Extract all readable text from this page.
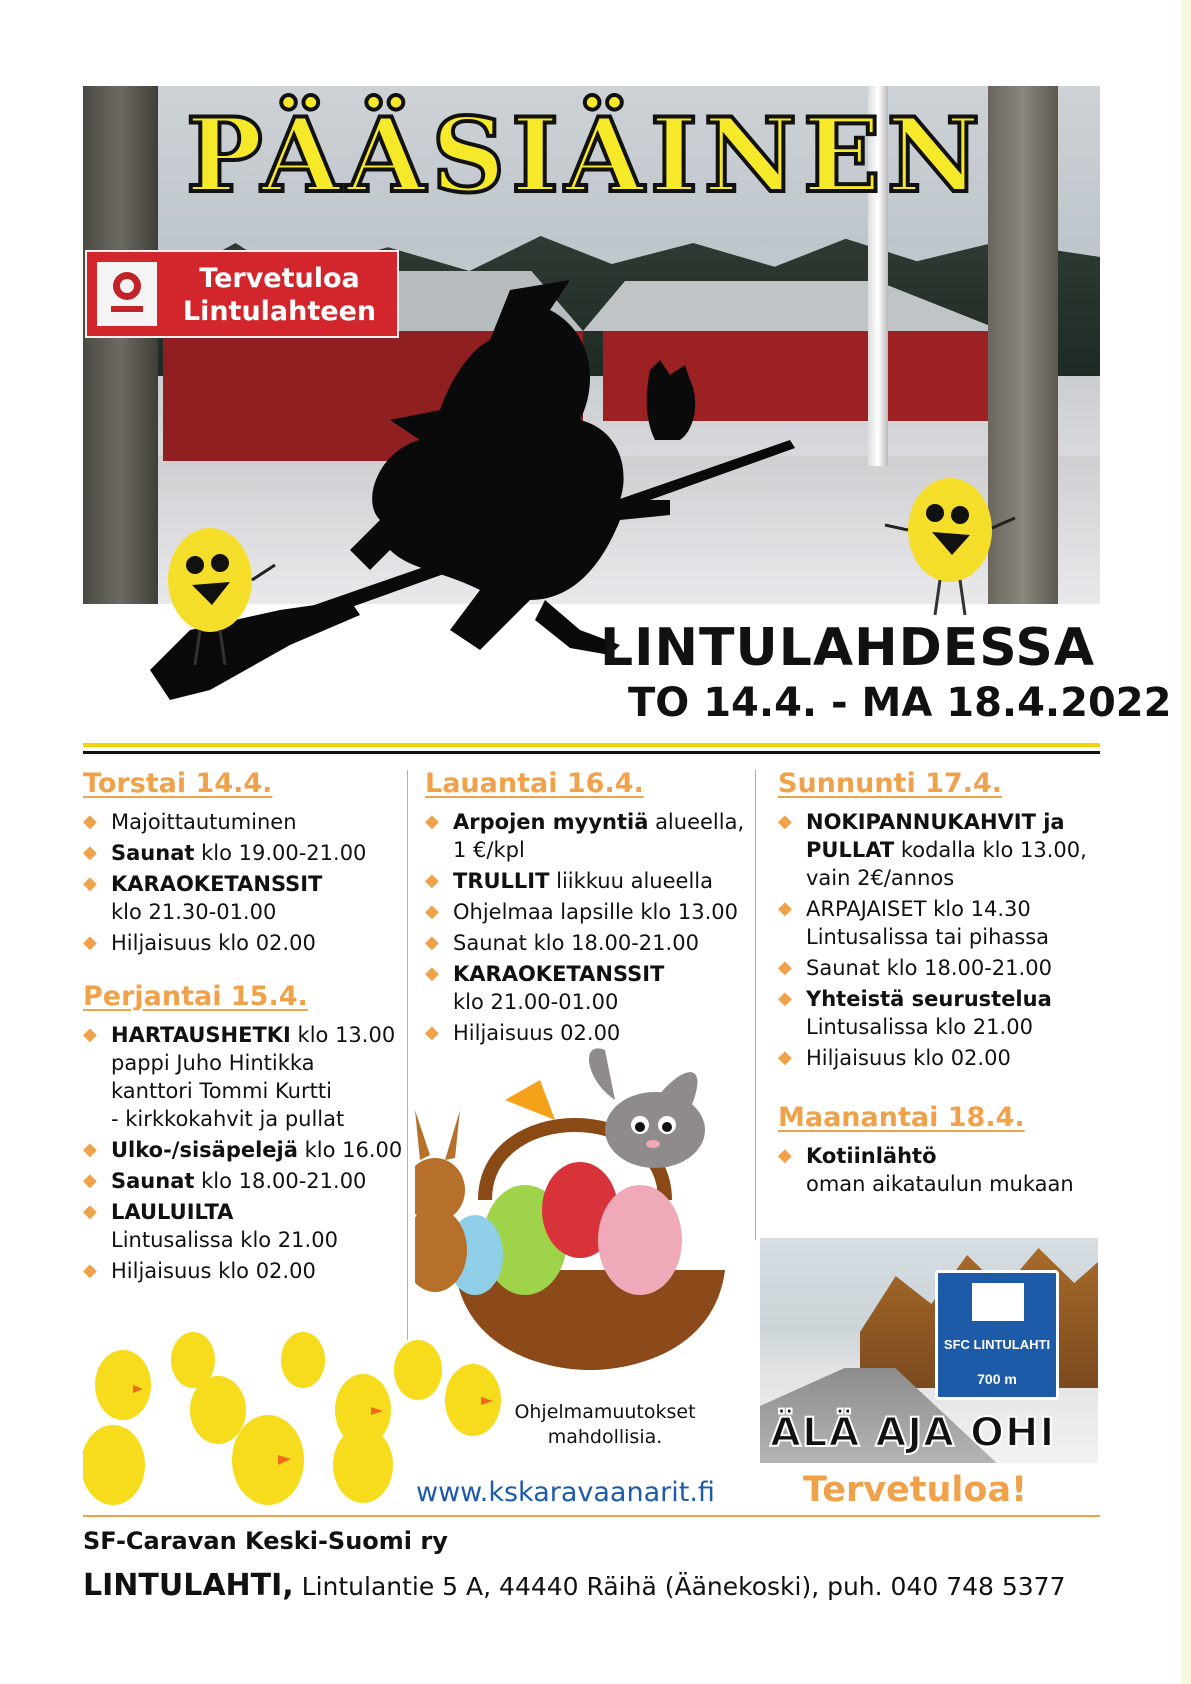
Tervetuloa
Lintulahteen
PÄÄSIÄINEN
LINTULAHDESSA
TO 14.4. - MA 18.4.2022
Torstai 14.4.
◆ Majoittautuminen
◆ Saunat klo 19.00-21.00
◆ KARAOKETANSSIT
klo 21.30-01.00
◆ Hiljaisuus klo 02.00
Perjantai 15.4.
◆ HARTAUSHETKI klo 13.00
pappi Juho Hintikka
kanttori Tommi Kurtti
- kirkkokahvit ja pullat
◆ Ulko-/sisäpelejä klo 16.00
◆ Saunat klo 18.00-21.00
◆ LAULUILTA
Lintusalissa klo 21.00
◆ Hiljaisuus klo 02.00
Lauantai 16.4.
◆ Arpojen myyntiä alueella,
1 €/kpl
◆ TRULLIT liikkuu alueella
◆ Ohjelmaa lapsille klo 13.00
◆ Saunat klo 18.00-21.00
◆ KARAOKETANSSIT
klo 21.00-01.00
◆ Hiljaisuus 02.00
Sunnunti 17.4.
◆ NOKIPANNUKAHVIT ja
PULLAT kodalla klo 13.00,
vain 2€/annos
◆ ARPAJAISET klo 14.30
Lintusalissa tai pihassa
◆ Saunat klo 18.00-21.00
◆ Yhteistä seurustelua
Lintusalissa klo 21.00
◆ Hiljaisuus klo 02.00
Maanantai 18.4.
◆ Kotiinlähtö
oman aikataulun mukaan
Ohjelmamuutokset
mahdollisia.
SFC LINTULAHTI
700 m
ÄLÄ AJA OHI
www.kskaravaanarit.fi	Tervetuloa!
SF-Caravan Keski-Suomi ry
LINTULAHTI, Lintulantie 5 A, 44440 Räihä (Äänekoski), puh. 040 748 5377
